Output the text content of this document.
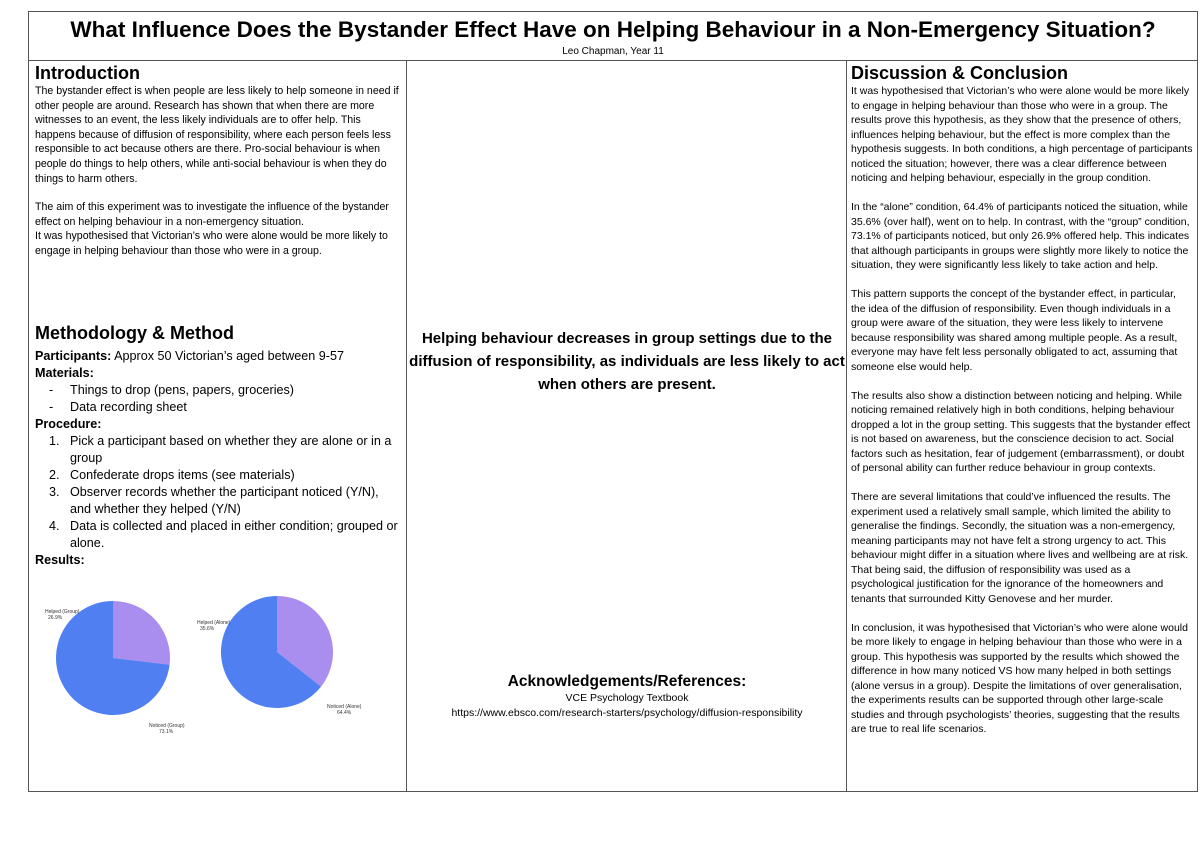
What Influence Does the Bystander Effect Have on Helping Behaviour in a Non-Emergency Situation?
Leo Chapman, Year 11
Introduction

The bystander effect is when people are less likely to help someone in need if other people are around. Research has shown that when there are more witnesses to an event, the less likely individuals are to offer help. This happens because of diffusion of responsibility, where each person feels less responsible to act because others are there. Pro-social behaviour is when people do things to help others, while anti-social behaviour is when they do things to harm others.

The aim of this experiment was to investigate the influence of the bystander effect on helping behaviour in a non-emergency situation.

It was hypothesised that Victorian’s who were alone would be more likely to engage in helping behaviour than those who were in a group.

Methodology & Method
Participants: Approx 50 Victorian’s aged between 9-57
Materials:
- Things to drop (pens, papers, groceries)
- Data recording sheet
Procedure:
1. Pick a participant based on whether they are alone or in a group
2. Confederate drops items (see materials)
3. Observer records whether the participant noticed (Y/N), and whether they helped (Y/N)
4. Data is collected and placed in either condition; grouped or alone.
Results:
Helped (Group)
26.9%
Noticed (Group)
73.1%
Helped (Alone)
35.6%
Noticed (Alone)
64.4%
Helping behaviour decreases in group settings due to the diffusion of responsibility, as individuals are less likely to act when others are present.
Acknowledgements/References:
VCE Psychology Textbook
https://www.ebsco.com/research-starters/psychology/diffusion-responsibility
Discussion & Conclusion

It was hypothesised that Victorian’s who were alone would be more likely to engage in helping behaviour than those who were in a group. The results prove this hypothesis, as they show that the presence of others, influences helping behaviour, but the effect is more complex than the hypothesis suggests. In both conditions, a high percentage of participants noticed the situation; however, there was a clear difference between noticing and helping behaviour, especially in the group condition.

In the “alone” condition, 64.4% of participants noticed the situation, while 35.6% (over half), went on to help. In contrast, with the “group” condition, 73.1% of participants noticed, but only 26.9% offered help. This indicates that although participants in groups were slightly more likely to notice the situation, they were significantly less likely to take action and help.

This pattern supports the concept of the bystander effect, in particular, the idea of the diffusion of responsibility. Even though individuals in a group were aware of the situation, they were less likely to intervene because responsibility was shared among multiple people. As a result, everyone may have felt less personally obligated to act, assuming that someone else would help.

The results also show a distinction between noticing and helping. While noticing remained relatively high in both conditions, helping behaviour dropped a lot in the group setting. This suggests that the bystander effect is not based on awareness, but the conscience decision to act. Social factors such as hesitation, fear of judgement (embarrassment), or doubt of personal ability can further reduce behaviour in group contexts.

There are several limitations that could’ve influenced the results. The experiment used a relatively small sample, which limited the ability to generalise the findings. Secondly, the situation was a non-emergency, meaning participants may not have felt a strong urgency to act. This behaviour might differ in a situation where lives and wellbeing are at risk. That being said, the diffusion of responsibility was used as a psychological justification for the ignorance of the homeowners and tenants that surrounded Kitty Genovese and her murder.

In conclusion, it was hypothesised that Victorian’s who were alone would be more likely to engage in helping behaviour than those who were in a group. This hypothesis was supported by the results which showed the difference in how many noticed VS how many helped in both settings (alone versus in a group). Despite the limitations of over generalisation, the experiments results can be supported through other large-scale studies and through psychologists’ theories, suggesting that the results are true to real life scenarios.
